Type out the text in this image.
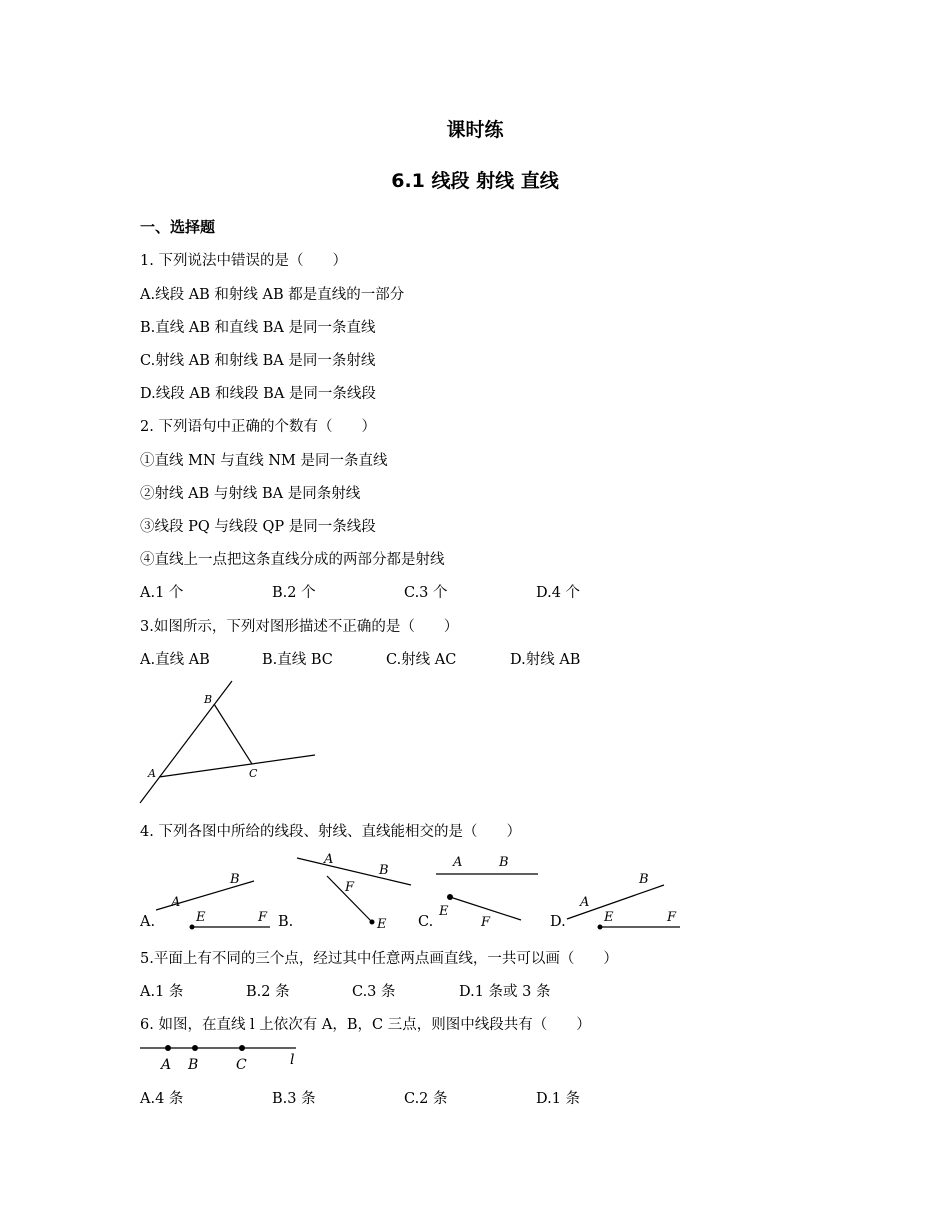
课时练
6.1 线段 射线 直线
一、选择题
1. 下列说法中错误的是（　　）
A.线段 AB 和射线 AB 都是直线的一部分
B.直线 AB 和直线 BA 是同一条直线
C.射线 AB 和射线 BA 是同一条射线
D.线段 AB 和线段 BA 是同一条线段
2. 下列语句中正确的个数有（　　）
①直线 MN 与直线 NM 是同一条直线
②射线 AB 与射线 BA 是同条射线
③线段 PQ 与线段 QP 是同一条线段
④直线上一点把这条直线分成的两部分都是射线
A.1 个	B.2 个	C.3 个	D.4 个
3.如图所示，下列对图形描述不正确的是（　　）
A.直线 AB	B.直线 BC	C.射线 AC	D.射线 AB
B
A	C
4. 下列各图中所给的线段、射线、直线能相交的是（　　）
A.	B.	C.	D.
A
B
E	F
A
B
F
E
A	B
E
F
A
B
E	F
5.平面上有不同的三个点，经过其中任意两点画直线，一共可以画（　　）
A.1 条	B.2 条	C.3 条	D.1 条或 3 条
6. 如图，在直线 l 上依次有 A，B，C 三点，则图中线段共有（　　）
A B	C	l
A.4 条	B.3 条	C.2 条	D.1 条
